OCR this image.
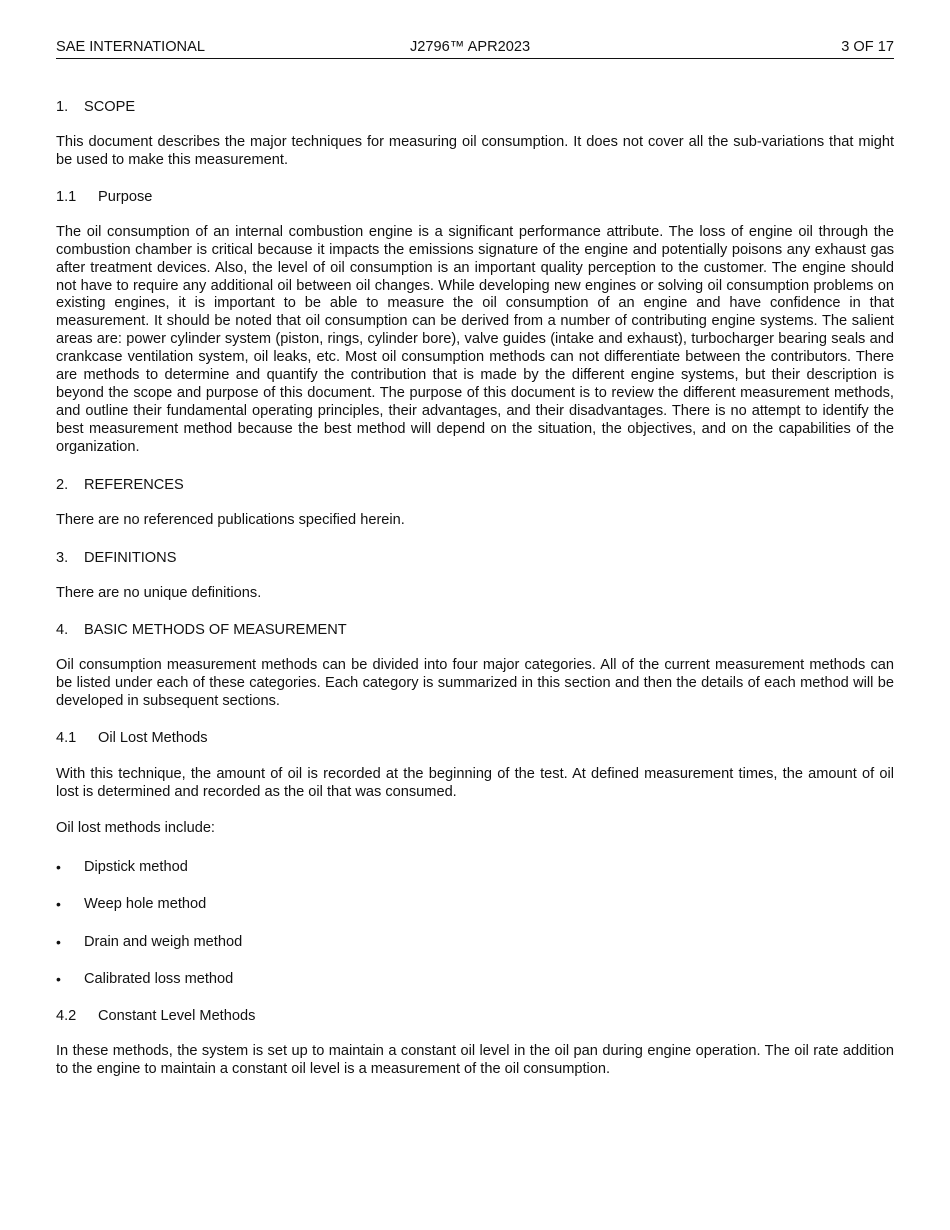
SAE INTERNATIONAL	J2796™ APR2023	3 OF 17
1.	SCOPE
This document describes the major techniques for measuring oil consumption. It does not cover all the sub-variations that might be used to make this measurement.
1.1	Purpose
The oil consumption of an internal combustion engine is a significant performance attribute. The loss of engine oil through the combustion chamber is critical because it impacts the emissions signature of the engine and potentially poisons any exhaust gas after treatment devices. Also, the level of oil consumption is an important quality perception to the customer. The engine should not have to require any additional oil between oil changes. While developing new engines or solving oil consumption problems on existing engines, it is important to be able to measure the oil consumption of an engine and have confidence in that measurement. It should be noted that oil consumption can be derived from a number of contributing engine systems. The salient areas are: power cylinder system (piston, rings, cylinder bore), valve guides (intake and exhaust), turbocharger bearing seals and crankcase ventilation system, oil leaks, etc. Most oil consumption methods can not differentiate between the contributors. There are methods to determine and quantify the contribution that is made by the different engine systems, but their description is beyond the scope and purpose of this document. The purpose of this document is to review the different measurement methods, and outline their fundamental operating principles, their advantages, and their disadvantages. There is no attempt to identify the best measurement method because the best method will depend on the situation, the objectives, and on the capabilities of the organization.
2.	REFERENCES
There are no referenced publications specified herein.
3.	DEFINITIONS
There are no unique definitions.
4.	BASIC METHODS OF MEASUREMENT
Oil consumption measurement methods can be divided into four major categories. All of the current measurement methods can be listed under each of these categories. Each category is summarized in this section and then the details of each method will be developed in subsequent sections.
4.1	Oil Lost Methods
With this technique, the amount of oil is recorded at the beginning of the test. At defined measurement times, the amount of oil lost is determined and recorded as the oil that was consumed.
Oil lost methods include:
•	Dipstick method
•	Weep hole method
•	Drain and weigh method
•	Calibrated loss method
4.2	Constant Level Methods
In these methods, the system is set up to maintain a constant oil level in the oil pan during engine operation. The oil rate addition to the engine to maintain a constant oil level is a measurement of the oil consumption.
